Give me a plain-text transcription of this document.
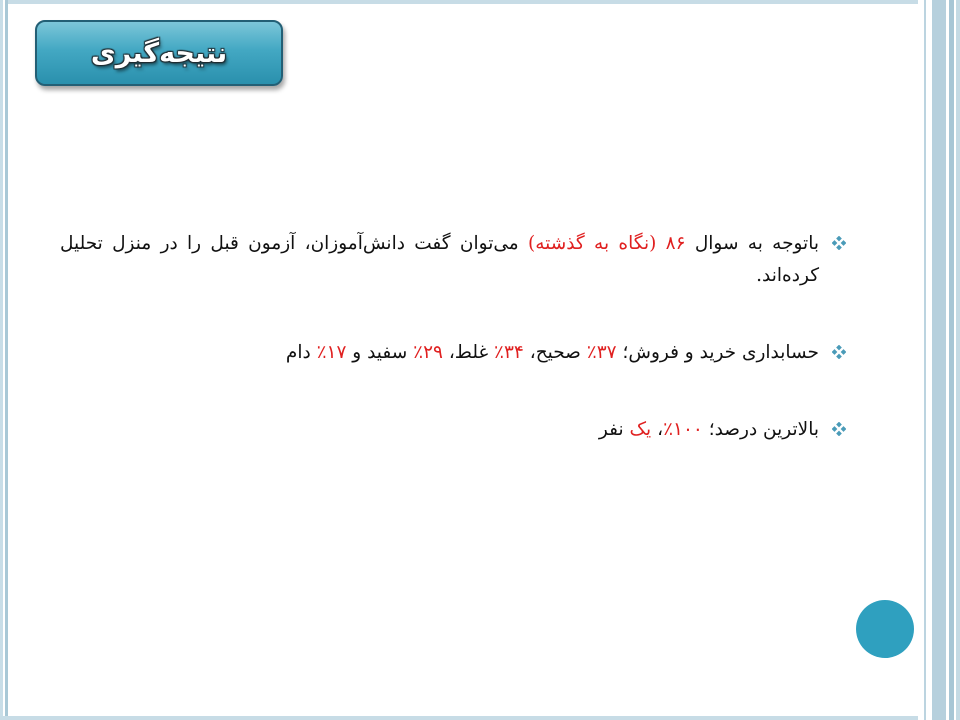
نتیجه‌گیری

باتوجه به سوال ۸۶ (نگاه به گذشته) می‌توان گفت دانش‌آموزان، آزمون قبل را در منزل تحلیل کرده‌اند.

حسابداری خرید و فروش؛ ۳۷٪ صحیح، ۳۴٪ غلط، ۲۹٪ سفید و ۱۷٪ دام

بالاترین درصد؛ ۱۰۰٪، یک نفر
